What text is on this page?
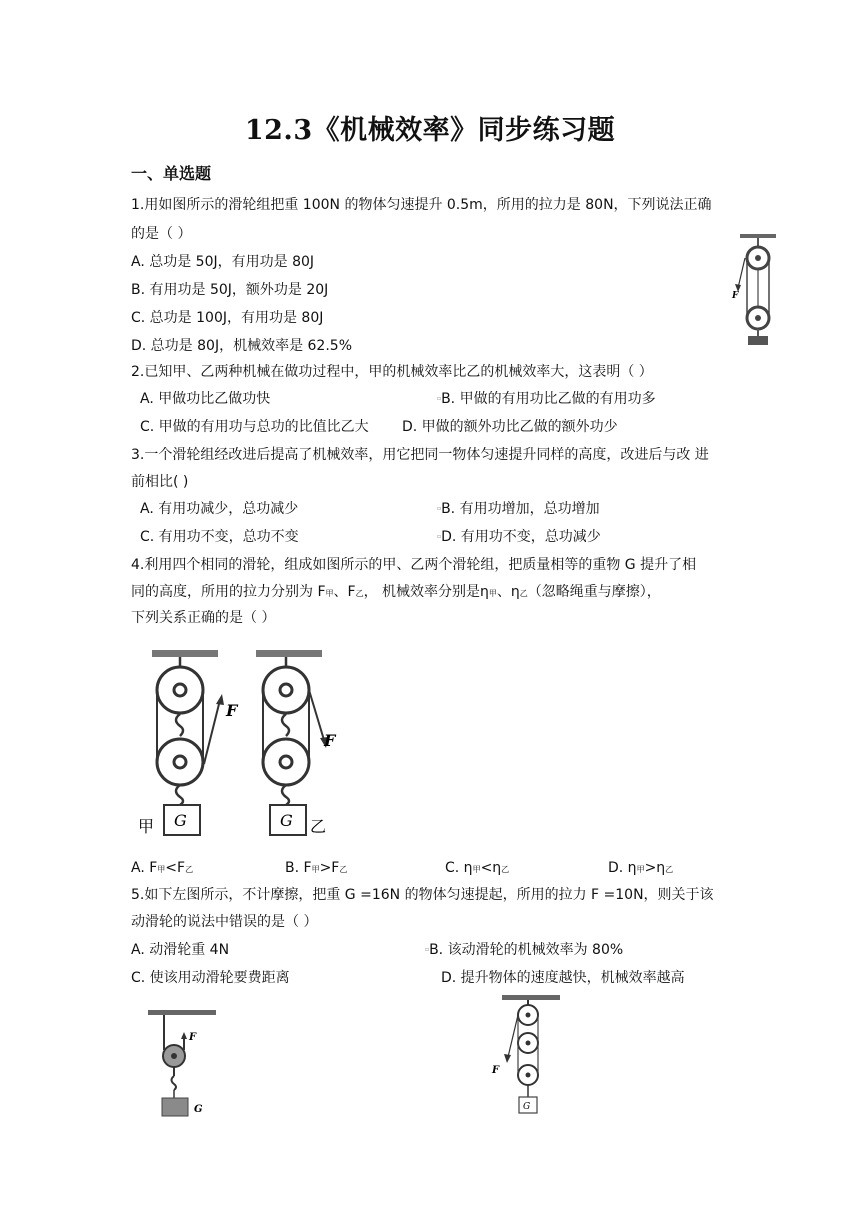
12.3《机械效率》同步练习题
一、单选题
1.用如图所示的滑轮组把重 100N 的物体匀速提升 0.5m，所用的拉力是 80N，下列说法正确
的是（ ）
A. 总功是 50J，有用功是 80J
B. 有用功是 50J，额外功是 20J
C. 总功是 100J，有用功是 80J
D. 总功是 80J，机械效率是 62.5%
F
2.已知甲、乙两种机械在做功过程中，甲的机械效率比乙的机械效率大，这表明（ ）
A. 甲做功比乙做功快	▫B. 甲做的有用功比乙做的有用功多
C. 甲做的有用功与总功的比值比乙大 D. 甲做的额外功比乙做的额外功少
3.一个滑轮组经改进后提高了机械效率，用它把同一物体匀速提升同样的高度，改进后与改 进
前相比( )
A. 有用功减少，总功减少	▫B. 有用功增加，总功增加
C. 有用功不变，总功不变	▫D. 有用功不变，总功减少
4.利用四个相同的滑轮，组成如图所示的甲、乙两个滑轮组，把质量相等的重物 G 提升了相
同的高度，所用的拉力分别为 F甲、F乙， 机械效率分别是η甲、η乙（忽略绳重与摩擦），
下列关系正确的是（ ）
F
G
甲
F
G 乙
A. F甲<F乙	B. F甲>F乙	C. η甲<η乙	D. η甲>η乙
5.如下左图所示，不计摩擦，把重 G =16N 的物体匀速提起，所用的拉力 F =10N，则关于该
动滑轮的说法中错误的是（ ）
A. 动滑轮重 4N	▫B. 该动滑轮的机械效率为 80%
C. 使该用动滑轮要费距离	D. 提升物体的速度越快，机械效率越高
F
G
F
G
